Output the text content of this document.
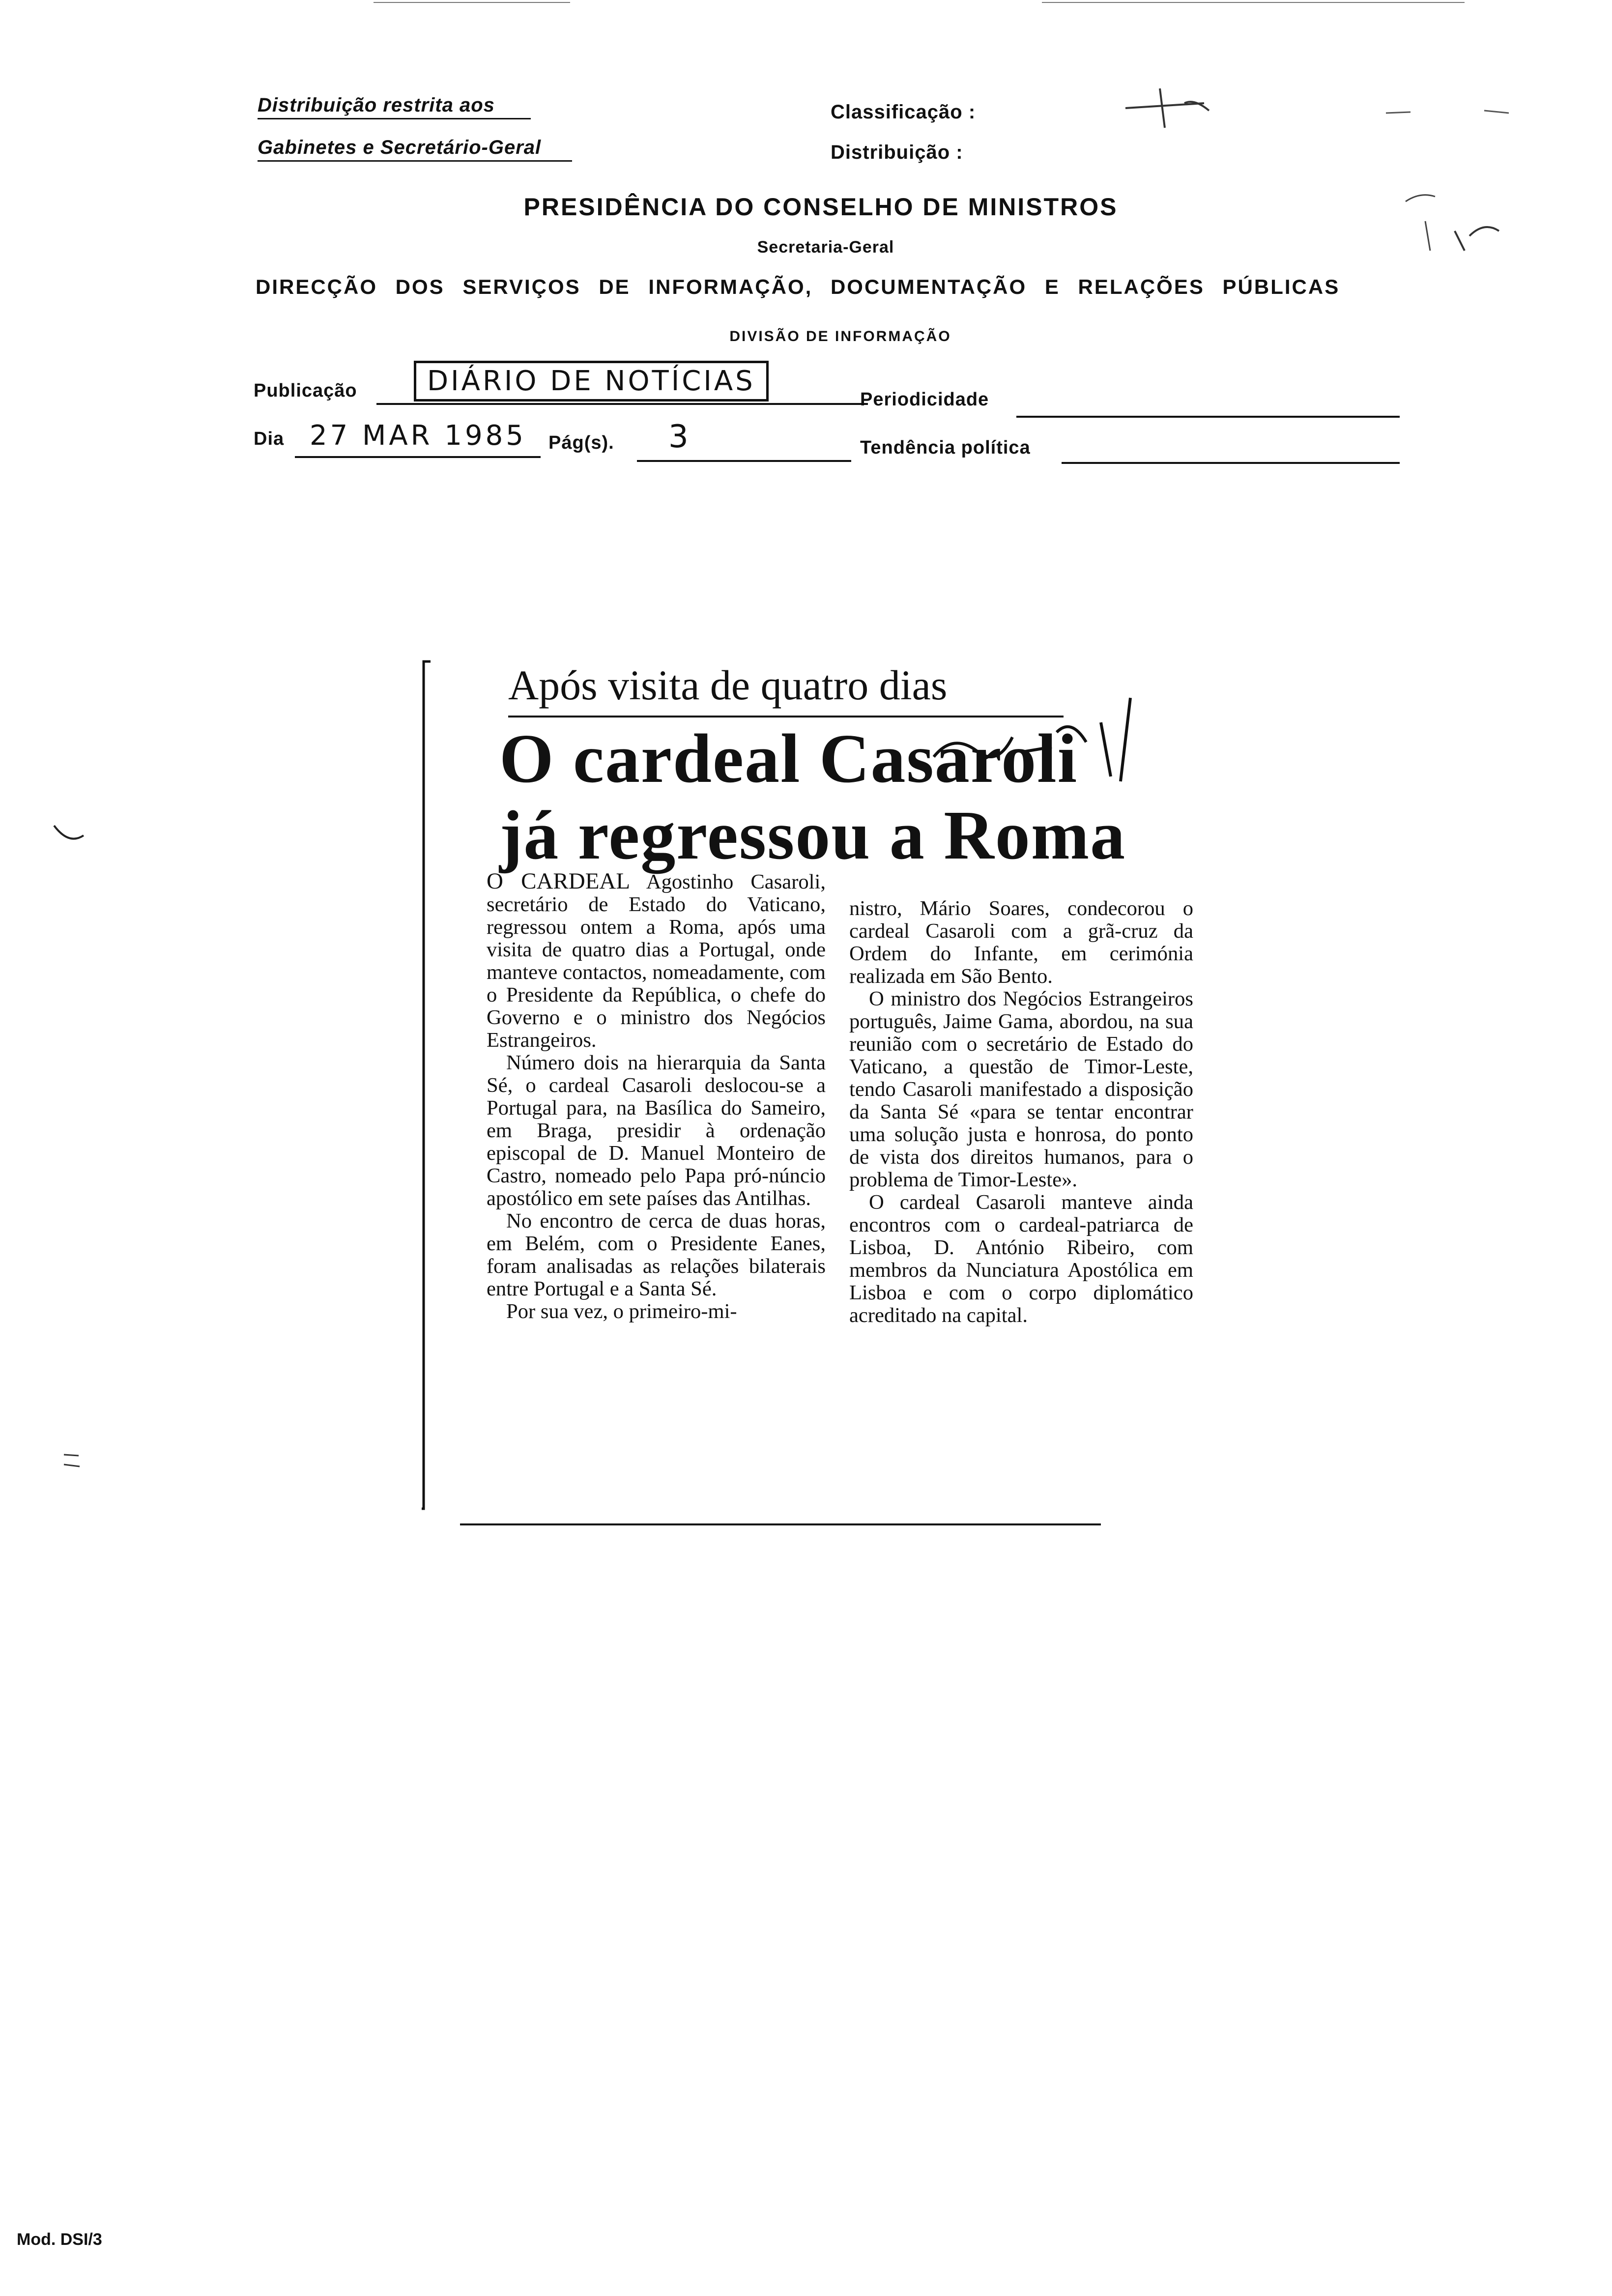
Distribuição restrita aos
Gabinetes e Secretário-Geral
Classificação :
Distribuição :
PRESIDÊNCIA DO CONSELHO DE MINISTROS
Secretaria-Geral
DIRECÇÃO DOS SERVIÇOS DE INFORMAÇÃO, DOCUMENTAÇÃO E RELAÇÕES PÚBLICAS
DIVISÃO DE INFORMAÇÃO
Publicação	DIÁRIO DE NOTÍCIAS
Periodicidade
Dia 27 MAR 1985 Pág(s). 3	Tendência política
Após visita de quatro dias
O cardeal Casaroli
já regressou a Roma

O CARDEAL Agostinho Casaroli, secretário de Estado do Vaticano, regressou ontem a Roma, após uma visita de quatro dias a Portugal, onde manteve contactos, nomeadamente, com o Presidente da República, o chefe do Governo e o ministro dos Negócios Estrangeiros.

Número dois na hierarquia da Santa Sé, o cardeal Casaroli deslocou-se a Portugal para, na Basílica do Sameiro, em Braga, presidir à ordenação episcopal de D. Manuel Monteiro de Castro, nomeado pelo Papa pró-núncio apostólico em sete países das Antilhas.

No encontro de cerca de duas horas, em Belém, com o Presidente Eanes, foram analisadas as relações bilaterais entre Portugal e a Santa Sé.

Por sua vez, o primeiro-mi-

nistro, Mário Soares, condecorou o cardeal Casaroli com a grã-cruz da Ordem do Infante, em cerimónia realizada em São Bento.

O ministro dos Negócios Estrangeiros português, Jaime Gama, abordou, na sua reunião com o secretário de Estado do Vaticano, a questão de Timor-Leste, tendo Casaroli manifestado a disposição da Santa Sé «para se tentar encontrar uma solução justa e honrosa, do ponto de vista dos direitos humanos, para o problema de Timor-Leste».

O cardeal Casaroli manteve ainda encontros com o cardeal-patriarca de Lisboa, D. António Ribeiro, com membros da Nunciatura Apostólica em Lisboa e com o corpo diplomático acreditado na capital.

Mod. DSI/3
